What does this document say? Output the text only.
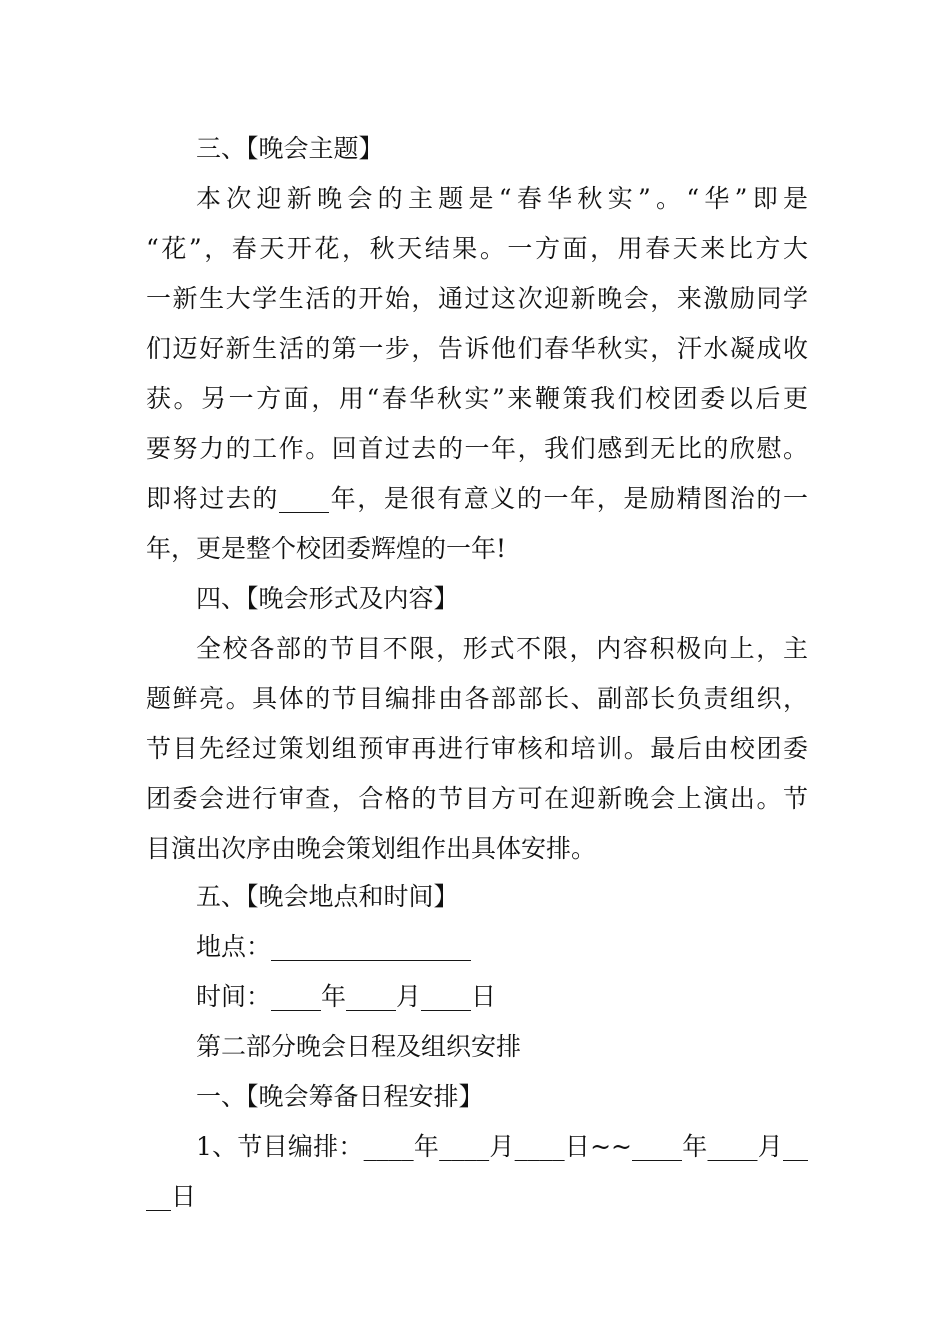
三、【晚会主题】
本次迎新晚会的主题是“春华秋实”。“华”即是
“花”，春天开花，秋天结果。一方面，用春天来比方大
一新生大学生活的开始，通过这次迎新晚会，来激励同学
们迈好新生活的第一步，告诉他们春华秋实，汗水凝成收
获。另一方面，用“春华秋实”来鞭策我们校团委以后更
要努力的工作。回首过去的一年，我们感到无比的欣慰。
即将过去的____年，是很有意义的一年，是励精图治的一
年，更是整个校团委辉煌的一年!
四、【晚会形式及内容】
全校各部的节目不限，形式不限，内容积极向上，主
题鲜亮。具体的节目编排由各部部长、副部长负责组织，
节目先经过策划组预审再进行审核和培训。最后由校团委
团委会进行审查，合格的节目方可在迎新晚会上演出。节
目演出次序由晚会策划组作出具体安排。
五、【晚会地点和时间】
地点：________________
时间：____年____月____日
第二部分晚会日程及组织安排
一、【晚会筹备日程安排】
1、节目编排：____年____月____日~~____年____月__
__日
